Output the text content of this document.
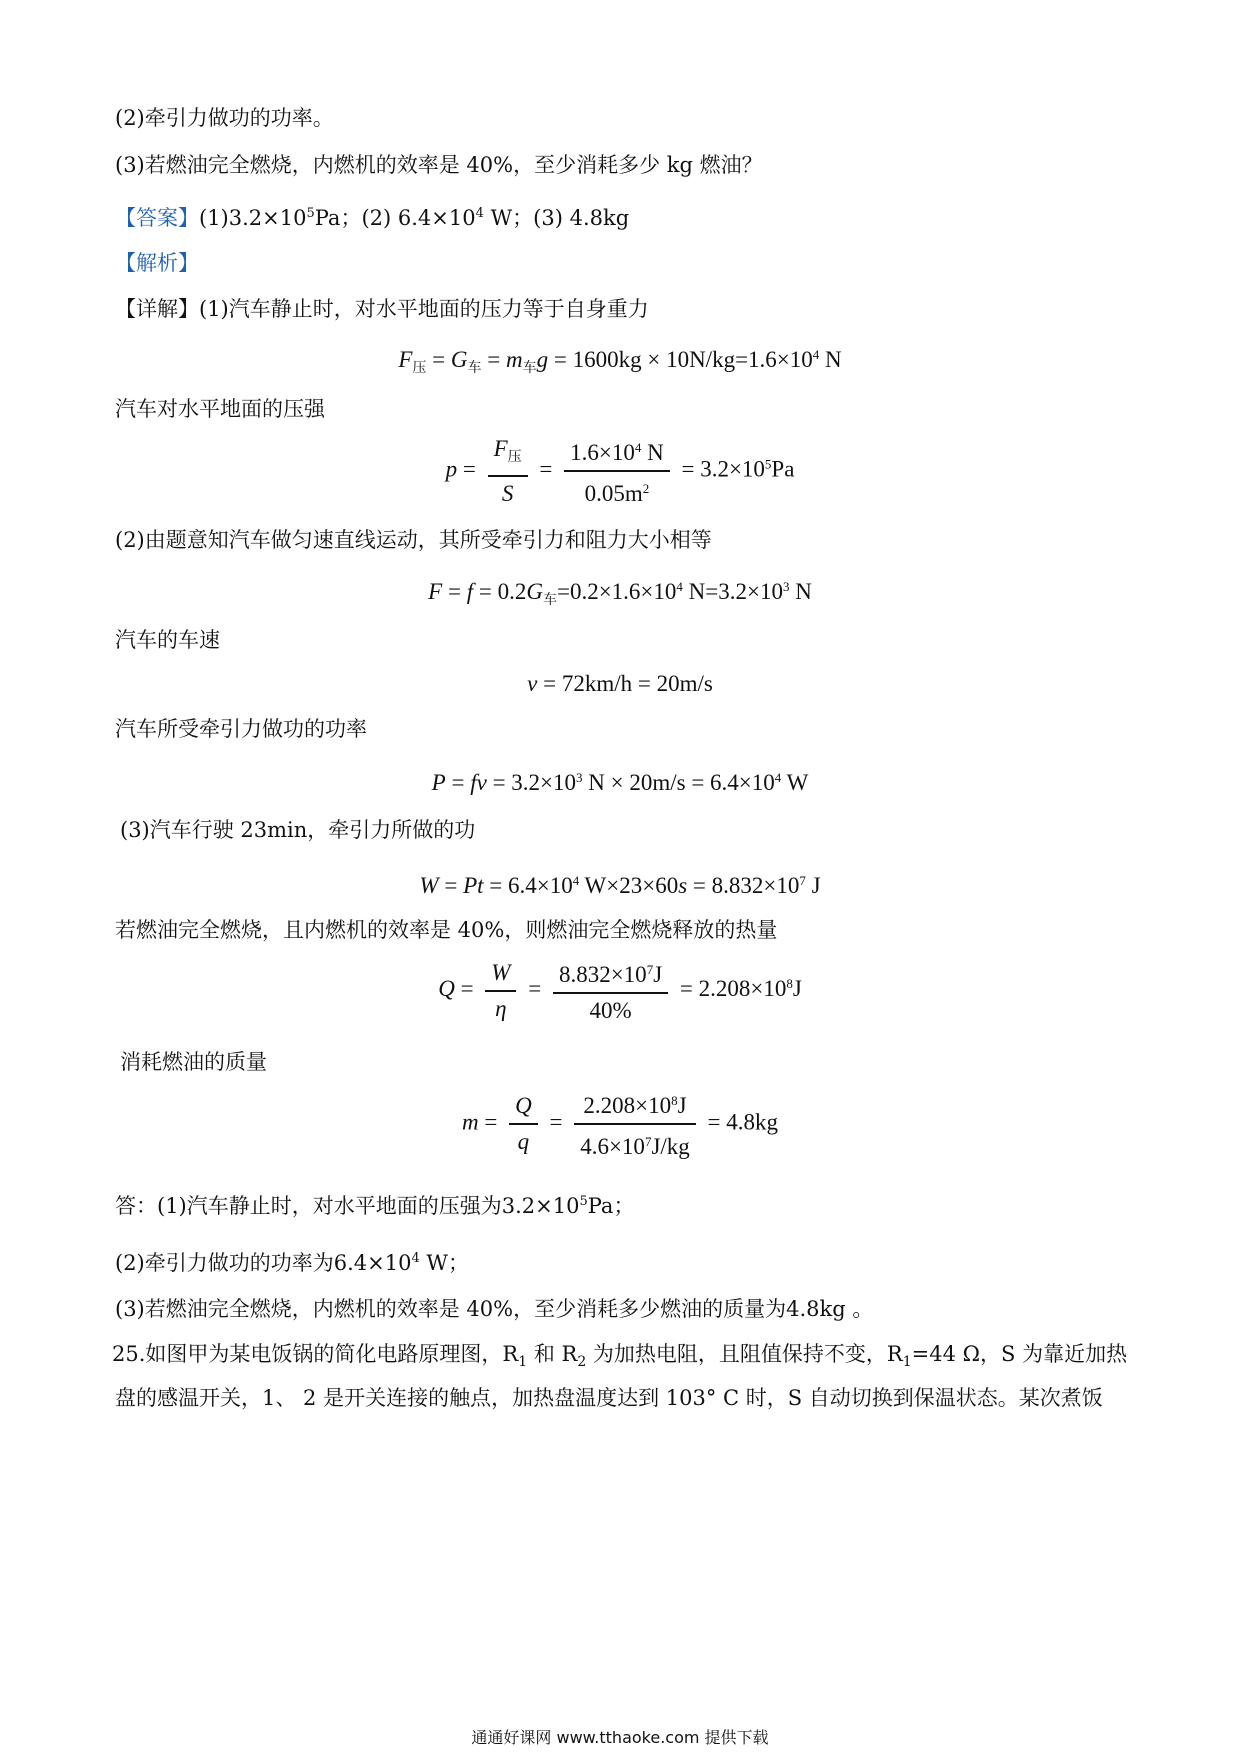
(2)牵引力做功的功率。

(3)若燃油完全燃烧，内燃机的效率是 40%，至少消耗多少 kg 燃油？

【答案】$(1)3.2\times 10^5Pa$；(2) $6.4\times 10^4$ W；(3) 4.8kg

【解析】

【详解】(1)汽车静止时，对水平地面的压力等于自身重力

$F_压 = G_车 = m_车g = 1600kg \times 10N/kg=1.6\times 10^4$ N

汽车对水平地面的压强

$p = \frac{F_压}{S} = \frac{1.6\times 10^4 N}{0.05m^2} = 3.2\times 10^5Pa$

(2)由题意知汽车做匀速直线运动，其所受牵引力和阻力大小相等

$F = f = 0.2G_车=0.2\times 1.6\times 10^4$ $N=3.2\times 10^3$ N

汽车的车速

v = 72km/h = 20m/s

汽车所受牵引力做功的功率

P = fv = $3.2\times 10^3$ $N \times 20m/s = 6.4\times 10^4$ W

(3)汽车行驶 23min，牵引力所做的功

$W = Pt = 6.4\times 10^4$ $W\times 23\times 60s = 8.832\times 10^7$ J

若燃油完全燃烧，且内燃机的效率是 40%，则燃油完全燃烧释放的热量

$Q = \frac{W}{\eta} = \frac{8.832\times 10^7J}{40\%} = 2.208\times 10^8J$

消耗燃油的质量

$m = \frac{Q}{q} = \frac{2.208\times 10^8J}{4.6\times 10^7J/kg} = 4.8kg$

答：(1)汽车静止时，对水平地面的压强为$3.2\times 10^5Pa$；

(2)牵引力做功的功率为$6.4\times 10^4$ W；

(3)若燃油完全燃烧，内燃机的效率是 40%，至少消耗多少燃油的质量为4.8kg 。

25.如图甲为某电饭锅的简化电路原理图，$R_1$ 和 $R_2$ 为加热电阻，且阻值保持不变，$R_1=44$ Ω，S 为靠近加热

盘的感温开关，1、 2 是开关连接的触点，加热盘温度达到 103° C 时，S 自动切换到保温状态。某次煮饭

通通好课网 www.tthaoke.com 提供下载
